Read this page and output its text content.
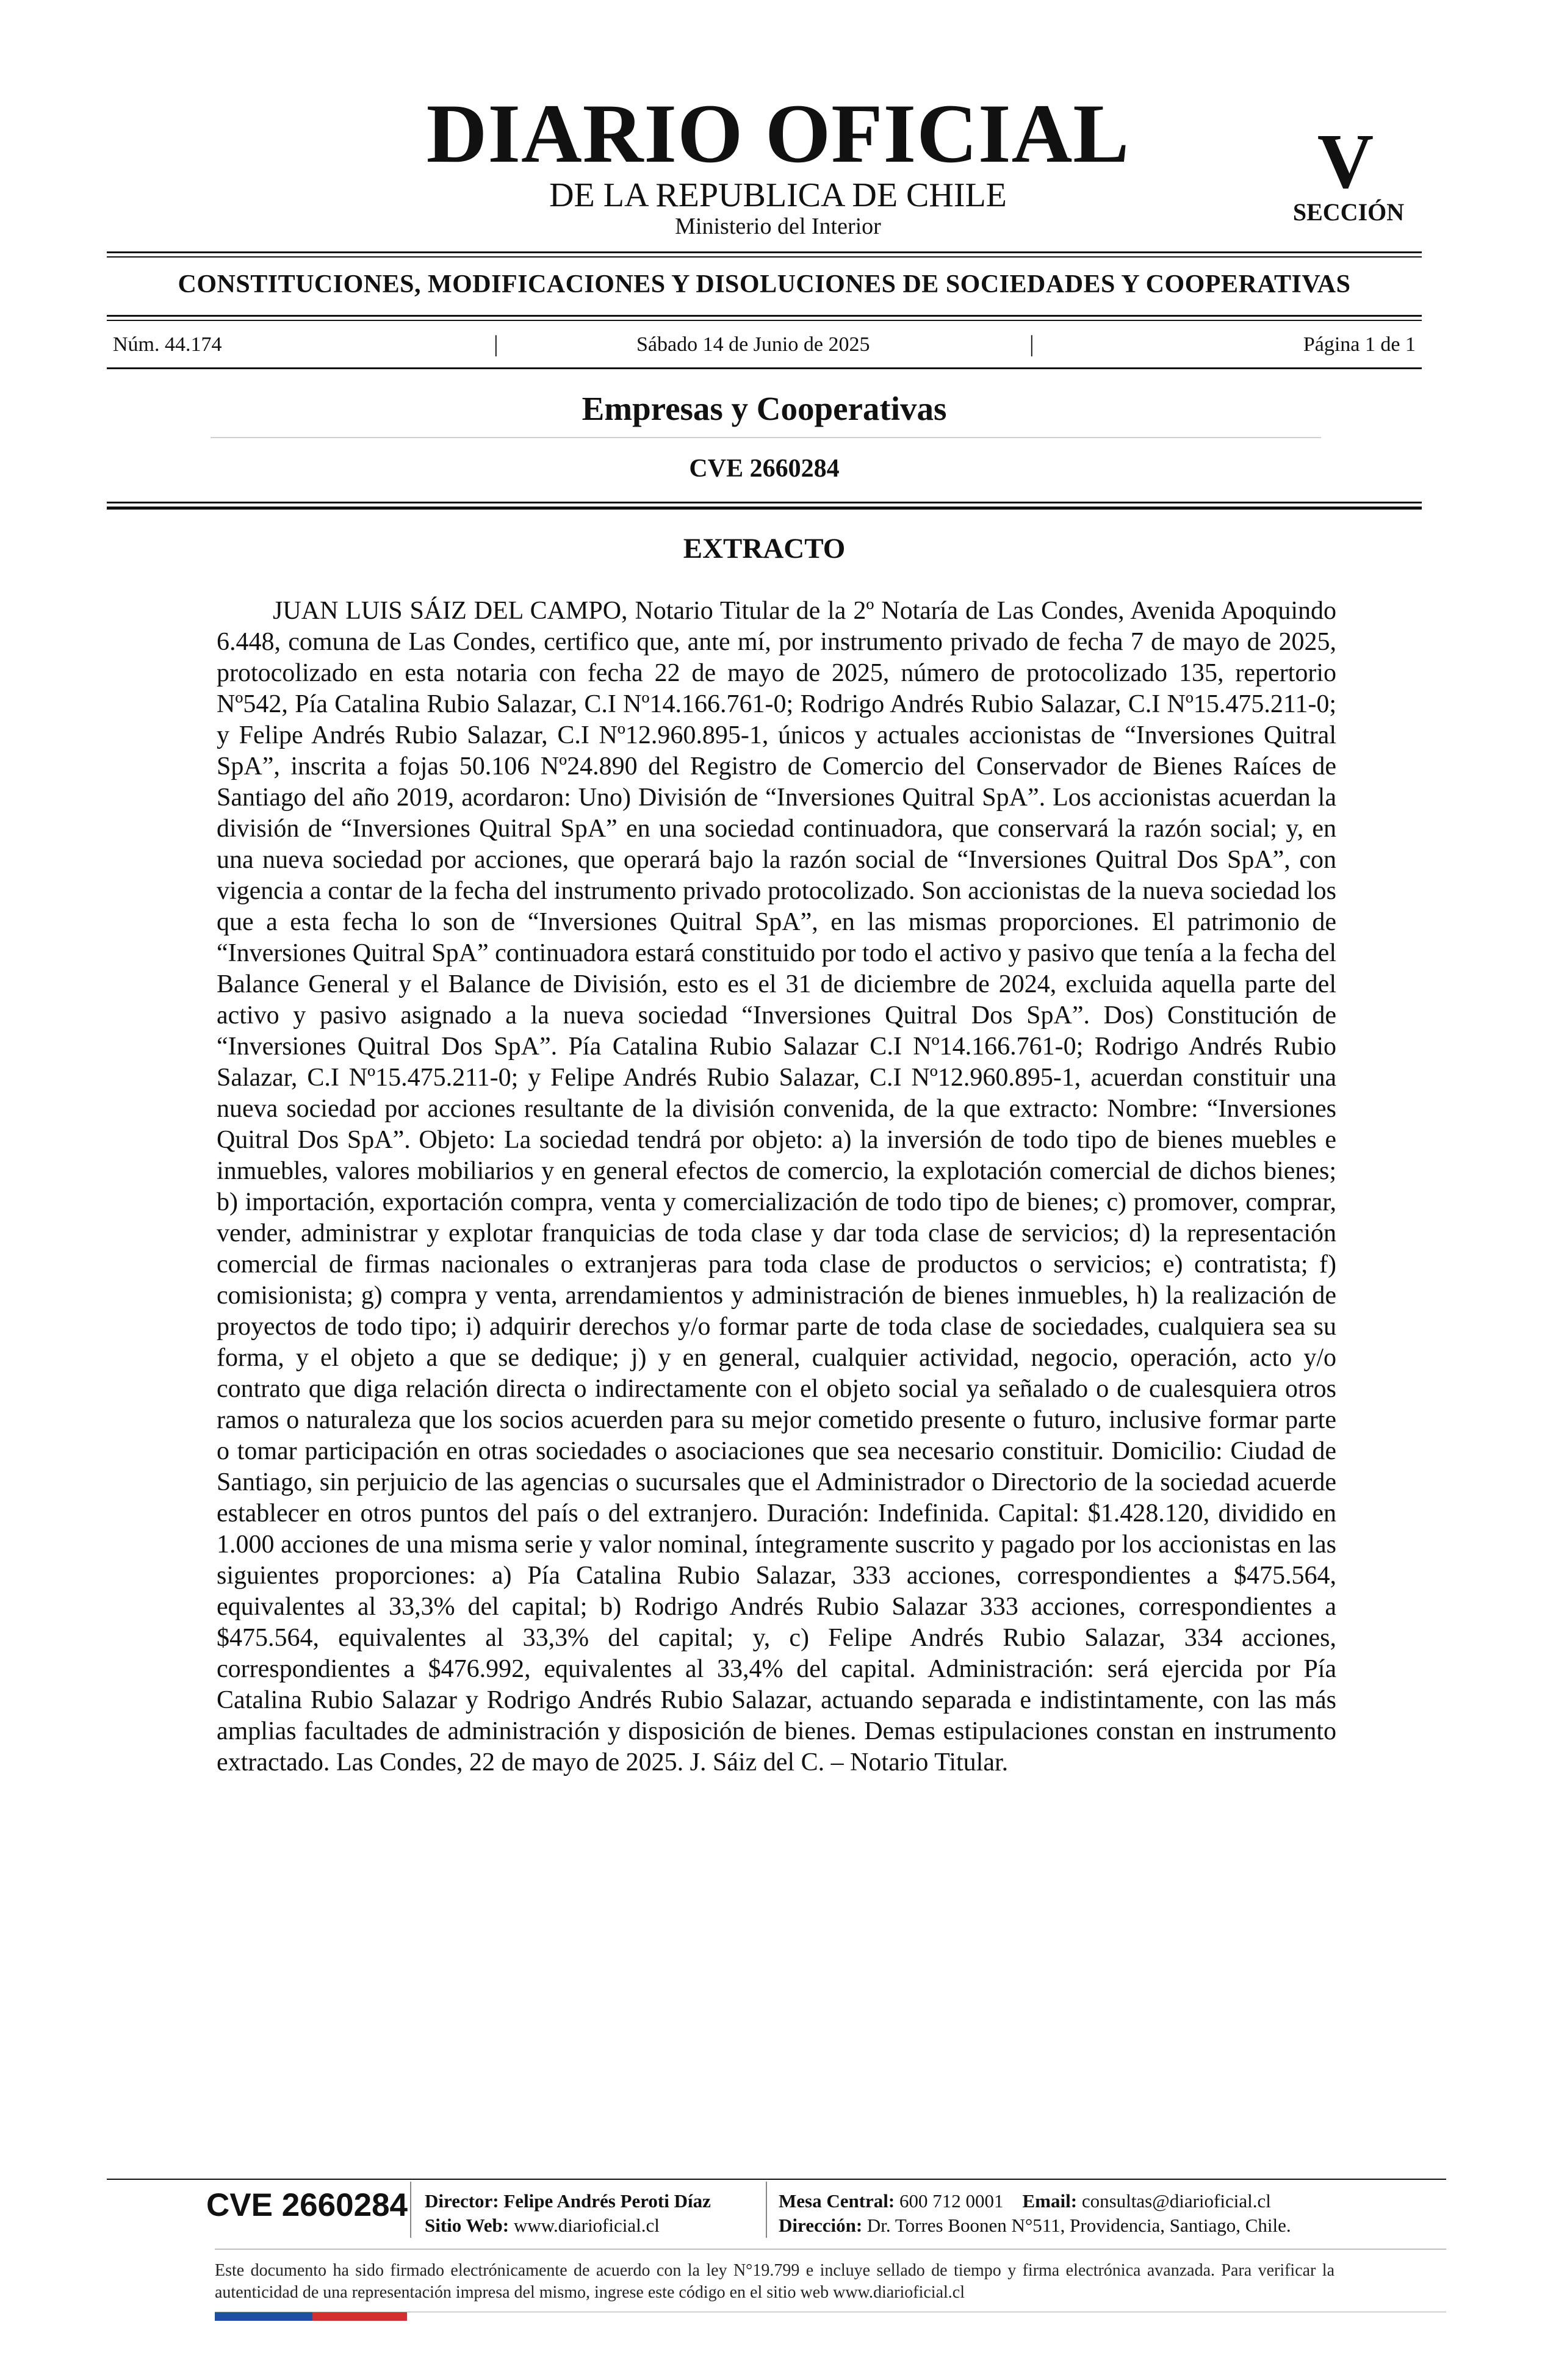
DIARIO OFICIAL
DE LA REPUBLICA DE CHILE
Ministerio del Interior
V
SECCIÓN
CONSTITUCIONES, MODIFICACIONES Y DISOLUCIONES DE SOCIEDADES Y COOPERATIVAS
Núm. 44.174	|	Sábado 14 de Junio de 2025	|	Página 1 de 1
Empresas y Cooperativas
CVE 2660284
EXTRACTO

JUAN LUIS SÁIZ DEL CAMPO, Notario Titular de la 2º Notaría de Las Condes, Avenida Apoquindo 6.448, comuna de Las Condes, certifico que, ante mí, por instrumento privado de fecha 7 de mayo de 2025, protocolizado en esta notaria con fecha 22 de mayo de 2025, número de protocolizado 135, repertorio Nº542, Pía Catalina Rubio Salazar, C.I Nº14.166.761-0; Rodrigo Andrés Rubio Salazar, C.I Nº15.475.211-0; y Felipe Andrés Rubio Salazar, C.I Nº12.960.895-1, únicos y actuales accionistas de “Inversiones Quitral SpA”, inscrita a fojas 50.106 Nº24.890 del Registro de Comercio del Conservador de Bienes Raíces de Santiago del año 2019, acordaron: Uno) División de “Inversiones Quitral SpA”. Los accionistas acuerdan la división de “Inversiones Quitral SpA” en una sociedad continuadora, que conservará la razón social; y, en una nueva sociedad por acciones, que operará bajo la razón social de “Inversiones Quitral Dos SpA”, con vigencia a contar de la fecha del instrumento privado protocolizado. Son accionistas de la nueva sociedad los que a esta fecha lo son de “Inversiones Quitral SpA”, en las mismas proporciones. El patrimonio de “Inversiones Quitral SpA” continuadora estará constituido por todo el activo y pasivo que tenía a la fecha del Balance General y el Balance de División, esto es el 31 de diciembre de 2024, excluida aquella parte del activo y pasivo asignado a la nueva sociedad “Inversiones Quitral Dos SpA”. Dos) Constitución de “Inversiones Quitral Dos SpA”. Pía Catalina Rubio Salazar C.I Nº14.166.761-0; Rodrigo Andrés Rubio Salazar, C.I Nº15.475.211-0; y Felipe Andrés Rubio Salazar, C.I Nº12.960.895-1, acuerdan constituir una nueva sociedad por acciones resultante de la división convenida, de la que extracto: Nombre: “Inversiones Quitral Dos SpA”. Objeto: La sociedad tendrá por objeto: a) la inversión de todo tipo de bienes muebles e inmuebles, valores mobiliarios y en general efectos de comercio, la explotación comercial de dichos bienes; b) importación, exportación compra, venta y comercialización de todo tipo de bienes; c) promover, comprar, vender, administrar y explotar franquicias de toda clase y dar toda clase de servicios; d) la representación comercial de firmas nacionales o extranjeras para toda clase de productos o servicios; e) contratista; f) comisionista; g) compra y venta, arrendamientos y administración de bienes inmuebles, h) la realización de proyectos de todo tipo; i) adquirir derechos y/o formar parte de toda clase de sociedades, cualquiera sea su forma, y el objeto a que se dedique; j) y en general, cualquier actividad, negocio, operación, acto y/o contrato que diga relación directa o indirectamente con el objeto social ya señalado o de cualesquiera otros ramos o naturaleza que los socios acuerden para su mejor cometido presente o futuro, inclusive formar parte o tomar participación en otras sociedades o asociaciones que sea necesario constituir. Domicilio: Ciudad de Santiago, sin perjuicio de las agencias o sucursales que el Administrador o Directorio de la sociedad acuerde establecer en otros puntos del país o del extranjero. Duración: Indefinida. Capital: $1.428.120, dividido en 1.000 acciones de una misma serie y valor nominal, íntegramente suscrito y pagado por los accionistas en las siguientes proporciones: a) Pía Catalina Rubio Salazar, 333 acciones, correspondientes a $475.564, equivalentes al 33,3% del capital; b) Rodrigo Andrés Rubio Salazar 333 acciones, correspondientes a $475.564, equivalentes al 33,3% del capital; y, c) Felipe Andrés Rubio Salazar, 334 acciones, correspondientes a $476.992, equivalentes al 33,4% del capital. Administración: será ejercida por Pía Catalina Rubio Salazar y Rodrigo Andrés Rubio Salazar, actuando separada e indistintamente, con las más amplias facultades de administración y disposición de bienes. Demas estipulaciones constan en instrumento extractado. Las Condes, 22 de mayo de 2025. J. Sáiz del C. – Notario Titular.

CVE 2660284 Director: Felipe Andrés Peroti Díaz
Sitio Web: www.diarioficial.cl
Mesa Central: 600 712 0001 Email: consultas@diarioficial.cl
Dirección: Dr. Torres Boonen N°511, Providencia, Santiago, Chile.
Este documento ha sido firmado electrónicamente de acuerdo con la ley N°19.799 e incluye sellado de tiempo y firma electrónica avanzada. Para verificar la autenticidad de una representación impresa del mismo, ingrese este código en el sitio web www.diarioficial.cl
